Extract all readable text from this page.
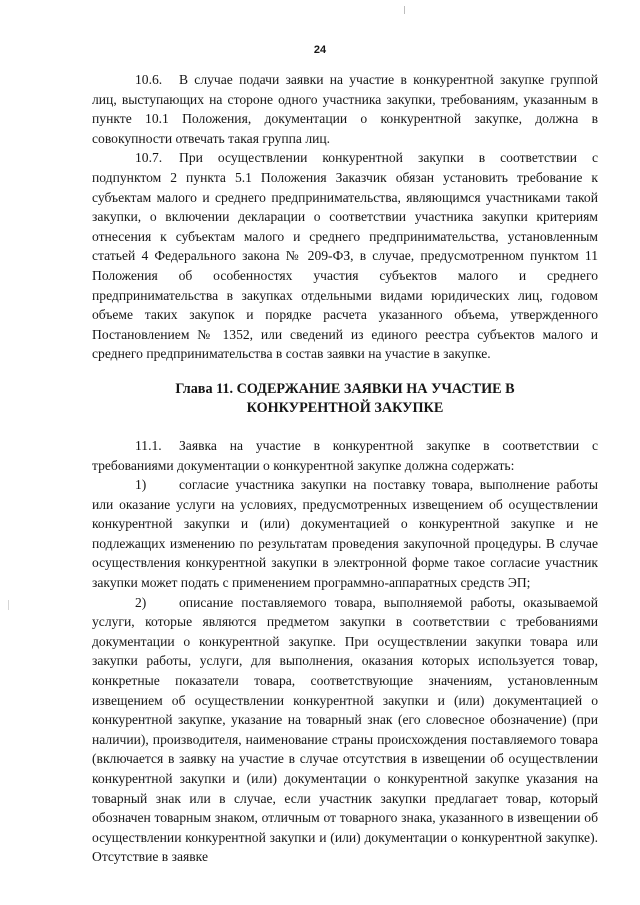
24

10.6. В случае подачи заявки на участие в конкурентной закупке группой лиц, выступающих на стороне одного участника закупки, требованиям, указанным в пункте 10.1 Положения, документации о конкурентной закупке, должна в совокупности отвечать такая группа лиц.

10.7. При осуществлении конкурентной закупки в соответствии с подпунктом 2 пункта 5.1 Положения Заказчик обязан установить требование к субъектам малого и среднего предпринимательства, являющимся участниками такой закупки, о включении декларации о соответствии участника закупки критериям отнесения к субъектам малого и среднего предпринимательства, установленным статьей 4 Федерального закона № 209-ФЗ, в случае, предусмотренном пунктом 11 Положения об особенностях участия субъектов малого и среднего предпринимательства в закупках отдельными видами юридических лиц, годовом объеме таких закупок и порядке расчета указанного объема, утвержденного Постановлением № 1352, или сведений из единого реестра субъектов малого и среднего предпринимательства в состав заявки на участие в закупке.

Глава 11. СОДЕРЖАНИЕ ЗАЯВКИ НА УЧАСТИЕ В
КОНКУРЕНТНОЙ ЗАКУПКЕ

11.1. Заявка на участие в конкурентной закупке в соответствии с требованиями документации о конкурентной закупке должна содержать:

1) согласие участника закупки на поставку товара, выполнение работы или оказание услуги на условиях, предусмотренных извещением об осуществлении конкурентной закупки и (или) документацией о конкурентной закупке и не подлежащих изменению по результатам проведения закупочной процедуры. В случае осуществления конкурентной закупки в электронной форме такое согласие участник закупки может подать с применением программно-аппаратных средств ЭП;

2) описание поставляемого товара, выполняемой работы, оказываемой услуги, которые являются предметом закупки в соответствии с требованиями документации о конкурентной закупке. При осуществлении закупки товара или закупки работы, услуги, для выполнения, оказания которых используется товар, конкретные показатели товара, соответствующие значениям, установленным извещением об осуществлении конкурентной закупки и (или) документацией о конкурентной закупке, указание на товарный знак (его словесное обозначение) (при наличии), производителя, наименование страны происхождения поставляемого товара (включается в заявку на участие в случае отсутствия в извещении об осуществлении конкурентной закупки и (или) документации о конкурентной закупке указания на товарный знак или в случае, если участник закупки предлагает товар, который обозначен товарным знаком, отличным от товарного знака, указанного в извещении об осуществлении конкурентной закупки и (или) документации о конкурентной закупке). Отсутствие в заявке
